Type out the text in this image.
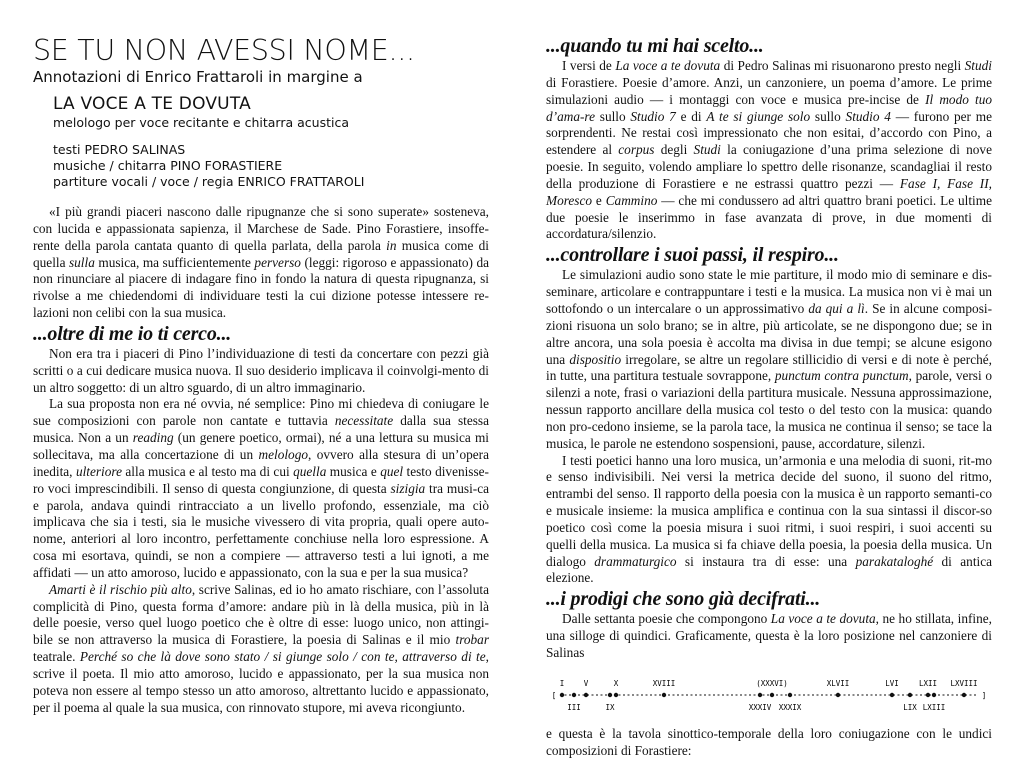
SE TU NON AVESSI NOME...
Annotazioni di Enrico Frattaroli in margine a
LA VOCE A TE DOVUTA
melologo per voce recitante e chitarra acustica
testi PEDRO SALINAS
musiche / chitarra PINO FORASTIERE
partiture vocali / voce / regia ENRICO FRATTAROLI

«I più grandi piaceri nascono dalle ripugnanze che si sono superate» sosteneva, con lucida e appassionata sapienza, il Marchese de Sade. Pino Forastiere, insoffe-rente della parola cantata quanto di quella parlata, della parola in musica come di quella sulla musica, ma sufficientemente perverso (leggi: rigoroso e appassionato) da non rinunciare al piacere di indagare fino in fondo la natura di questa ripugnanza, si rivolse a me chiedendomi di individuare testi la cui dizione potesse intessere re-lazioni non celibi con la sua musica.

...oltre di me io ti cerco...

Non era tra i piaceri di Pino l’individuazione di testi da concertare con pezzi già scritti o a cui dedicare musica nuova. Il suo desiderio implicava il coinvolgi-mento di un altro soggetto: di un altro sguardo, di un altro immaginario.

La sua proposta non era né ovvia, né semplice: Pino mi chiedeva di coniugare le sue composizioni con parole non cantate e tuttavia necessitate dalla sua stessa musica. Non a un reading (un genere poetico, ormai), né a una lettura su musica mi sollecitava, ma alla concertazione di un melologo, ovvero alla stesura di un’opera inedita, ulteriore alla musica e al testo ma di cui quella musica e quel testo divenisse-ro voci imprescindibili. Il senso di questa congiunzione, di questa sizigia tra musi-ca e parola, andava quindi rintracciato a un livello profondo, essenziale, ma ciò implicava che sia i testi, sia le musiche vivessero di vita propria, quali opere auto-nome, anteriori al loro incontro, perfettamente conchiuse nella loro espressione. A cosa mi esortava, quindi, se non a compiere — attraverso testi a lui ignoti, a me affidati — un atto amoroso, lucido e appassionato, con la sua e per la sua musica?

Amarti è il rischio più alto, scrive Salinas, ed io ho amato rischiare, con l’assoluta complicità di Pino, questa forma d’amore: andare più in là della musica, più in là delle poesie, verso quel luogo poetico che è oltre di esse: luogo unico, non attingi-bile se non attraverso la musica di Forastiere, la poesia di Salinas e il mio trobar teatrale. Perché so che là dove sono stato / si giunge solo / con te, attraverso di te, scrive il poeta. Il mio atto amoroso, lucido e appassionato, per la sua musica non poteva non essere al tempo stesso un atto amoroso, altrettanto lucido e appassionato, per il poema al quale la sua musica, con rinnovato stupore, mi aveva ricongiunto.

...quando tu mi hai scelto...

I versi de La voce a te dovuta di Pedro Salinas mi risuonarono presto negli Studi di Forastiere. Poesie d’amore. Anzi, un canzoniere, un poema d’amore. Le prime simulazioni audio — i montaggi con voce e musica pre-incise de Il modo tuo d’ama-re sullo Studio 7 e di A te si giunge solo sullo Studio 4 — furono per me sorprendenti. Ne restai così impressionato che non esitai, d’accordo con Pino, a estendere al corpus degli Studi la coniugazione d’una prima selezione di nove poesie. In seguito, volendo ampliare lo spettro delle risonanze, scandagliai il resto della produzione di Forastiere e ne estrassi quattro pezzi — Fase I, Fase II, Moresco e Cammino — che mi condussero ad altri quattro brani poetici. Le ultime due poesie le inserimmo in fase avanzata di prove, in due momenti di accordatura/silenzio.

...controllare i suoi passi, il respiro...

Le simulazioni audio sono state le mie partiture, il modo mio di seminare e dis-seminare, articolare e contrappuntare i testi e la musica. La musica non vi è mai un sottofondo o un intercalare o un approssimativo da qui a lì. Se in alcune composi-zioni risuona un solo brano; se in altre, più articolate, se ne dispongono due; se in altre ancora, una sola poesia è accolta ma divisa in due tempi; se alcune esigono una dispositio irregolare, se altre un regolare stillicidio di versi e di note è perché, in tutte, una partitura testuale sovrappone, punctum contra punctum, parole, versi o silenzi a note, frasi o variazioni della partitura musicale. Nessuna approssimazione, nessun rapporto ancillare della musica col testo o del testo con la musica: quando non pro-cedono insieme, se la parola tace, la musica ne continua il senso; se tace la musica, le parole ne estendono sospensioni, pause, accordature, silenzi.

I testi poetici hanno una loro musica, un’armonia e una melodia di suoni, rit-mo e senso indivisibili. Nei versi la metrica decide del suono, il suono del ritmo, entrambi del senso. Il rapporto della poesia con la musica è un rapporto semanti-co e musicale insieme: la musica amplifica e continua con la sua sintassi il discor-so poetico così come la poesia misura i suoi ritmi, i suoi respiri, i suoi accenti su quelli della musica. La musica si fa chiave della poesia, la poesia della musica. Un dialogo drammaturgico si instaura tra di esse: una parakataloghé di antica elezione.

...i prodigi che sono già decifrati...

Dalle settanta poesie che compongono La voce a te dovuta, ne ho stillata, infine, una silloge di quindici. Graficamente, questa è la loro posizione nel canzoniere di Salinas

[	]
I	V	X	XVIII	(XXXVI)	XLVII	LVI	LXII LXVIII
III	IX	XXXIV XXXIX	LIX LXIII

e questa è la tavola sinottico-temporale della loro coniugazione con le undici composizioni di Forastiere:
